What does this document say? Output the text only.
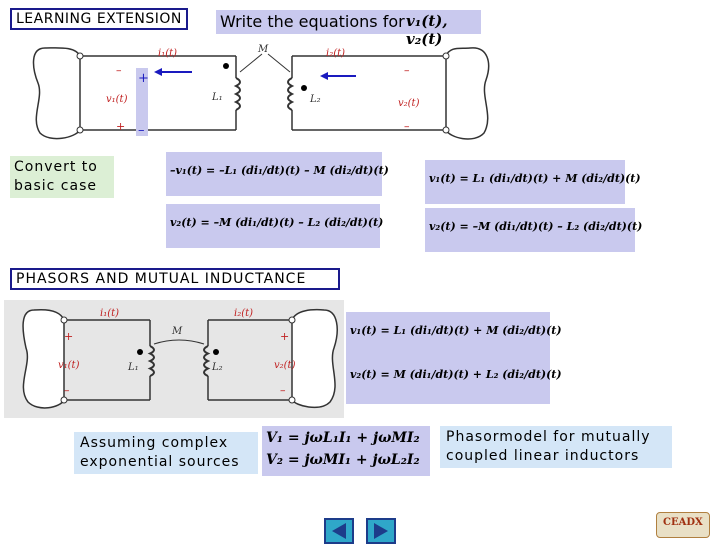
LEARNING EXTENSION	Write the equations for v₁(t), v₂(t)
i₁(t)	i₂(t)
M
v₁(t)	v₂(t)
L₁	L₂
–
+
+
–
–
–
Convert to
basic case
–v₁(t) = –L₁ (di₁/dt)(t) – M (di₂/dt)(t)
v₁(t) = L₁ (di₁/dt)(t) + M (di₂/dt)(t)
v₂(t) = –M (di₁/dt)(t) – L₂ (di₂/dt)(t)	v₂(t) = –M (di₁/dt)(t) – L₂ (di₂/dt)(t)
PHASORS AND MUTUAL INDUCTANCE
i₁(t)	i₂(t)
M
v₁(t)	v₂(t)
L₁	L₂
+
–
+
–
v₁(t) = L₁ (di₁/dt)(t) + M (di₂/dt)(t)
v₂(t) = M (di₁/dt)(t) + L₂ (di₂/dt)(t)
Assuming complex
exponential sources
V₁ = jωL₁I₁ + jωMI₂
V₂ = jωMI₁ + jωL₂I₂
Phasormodel for mutually
coupled linear inductors
CEADX
